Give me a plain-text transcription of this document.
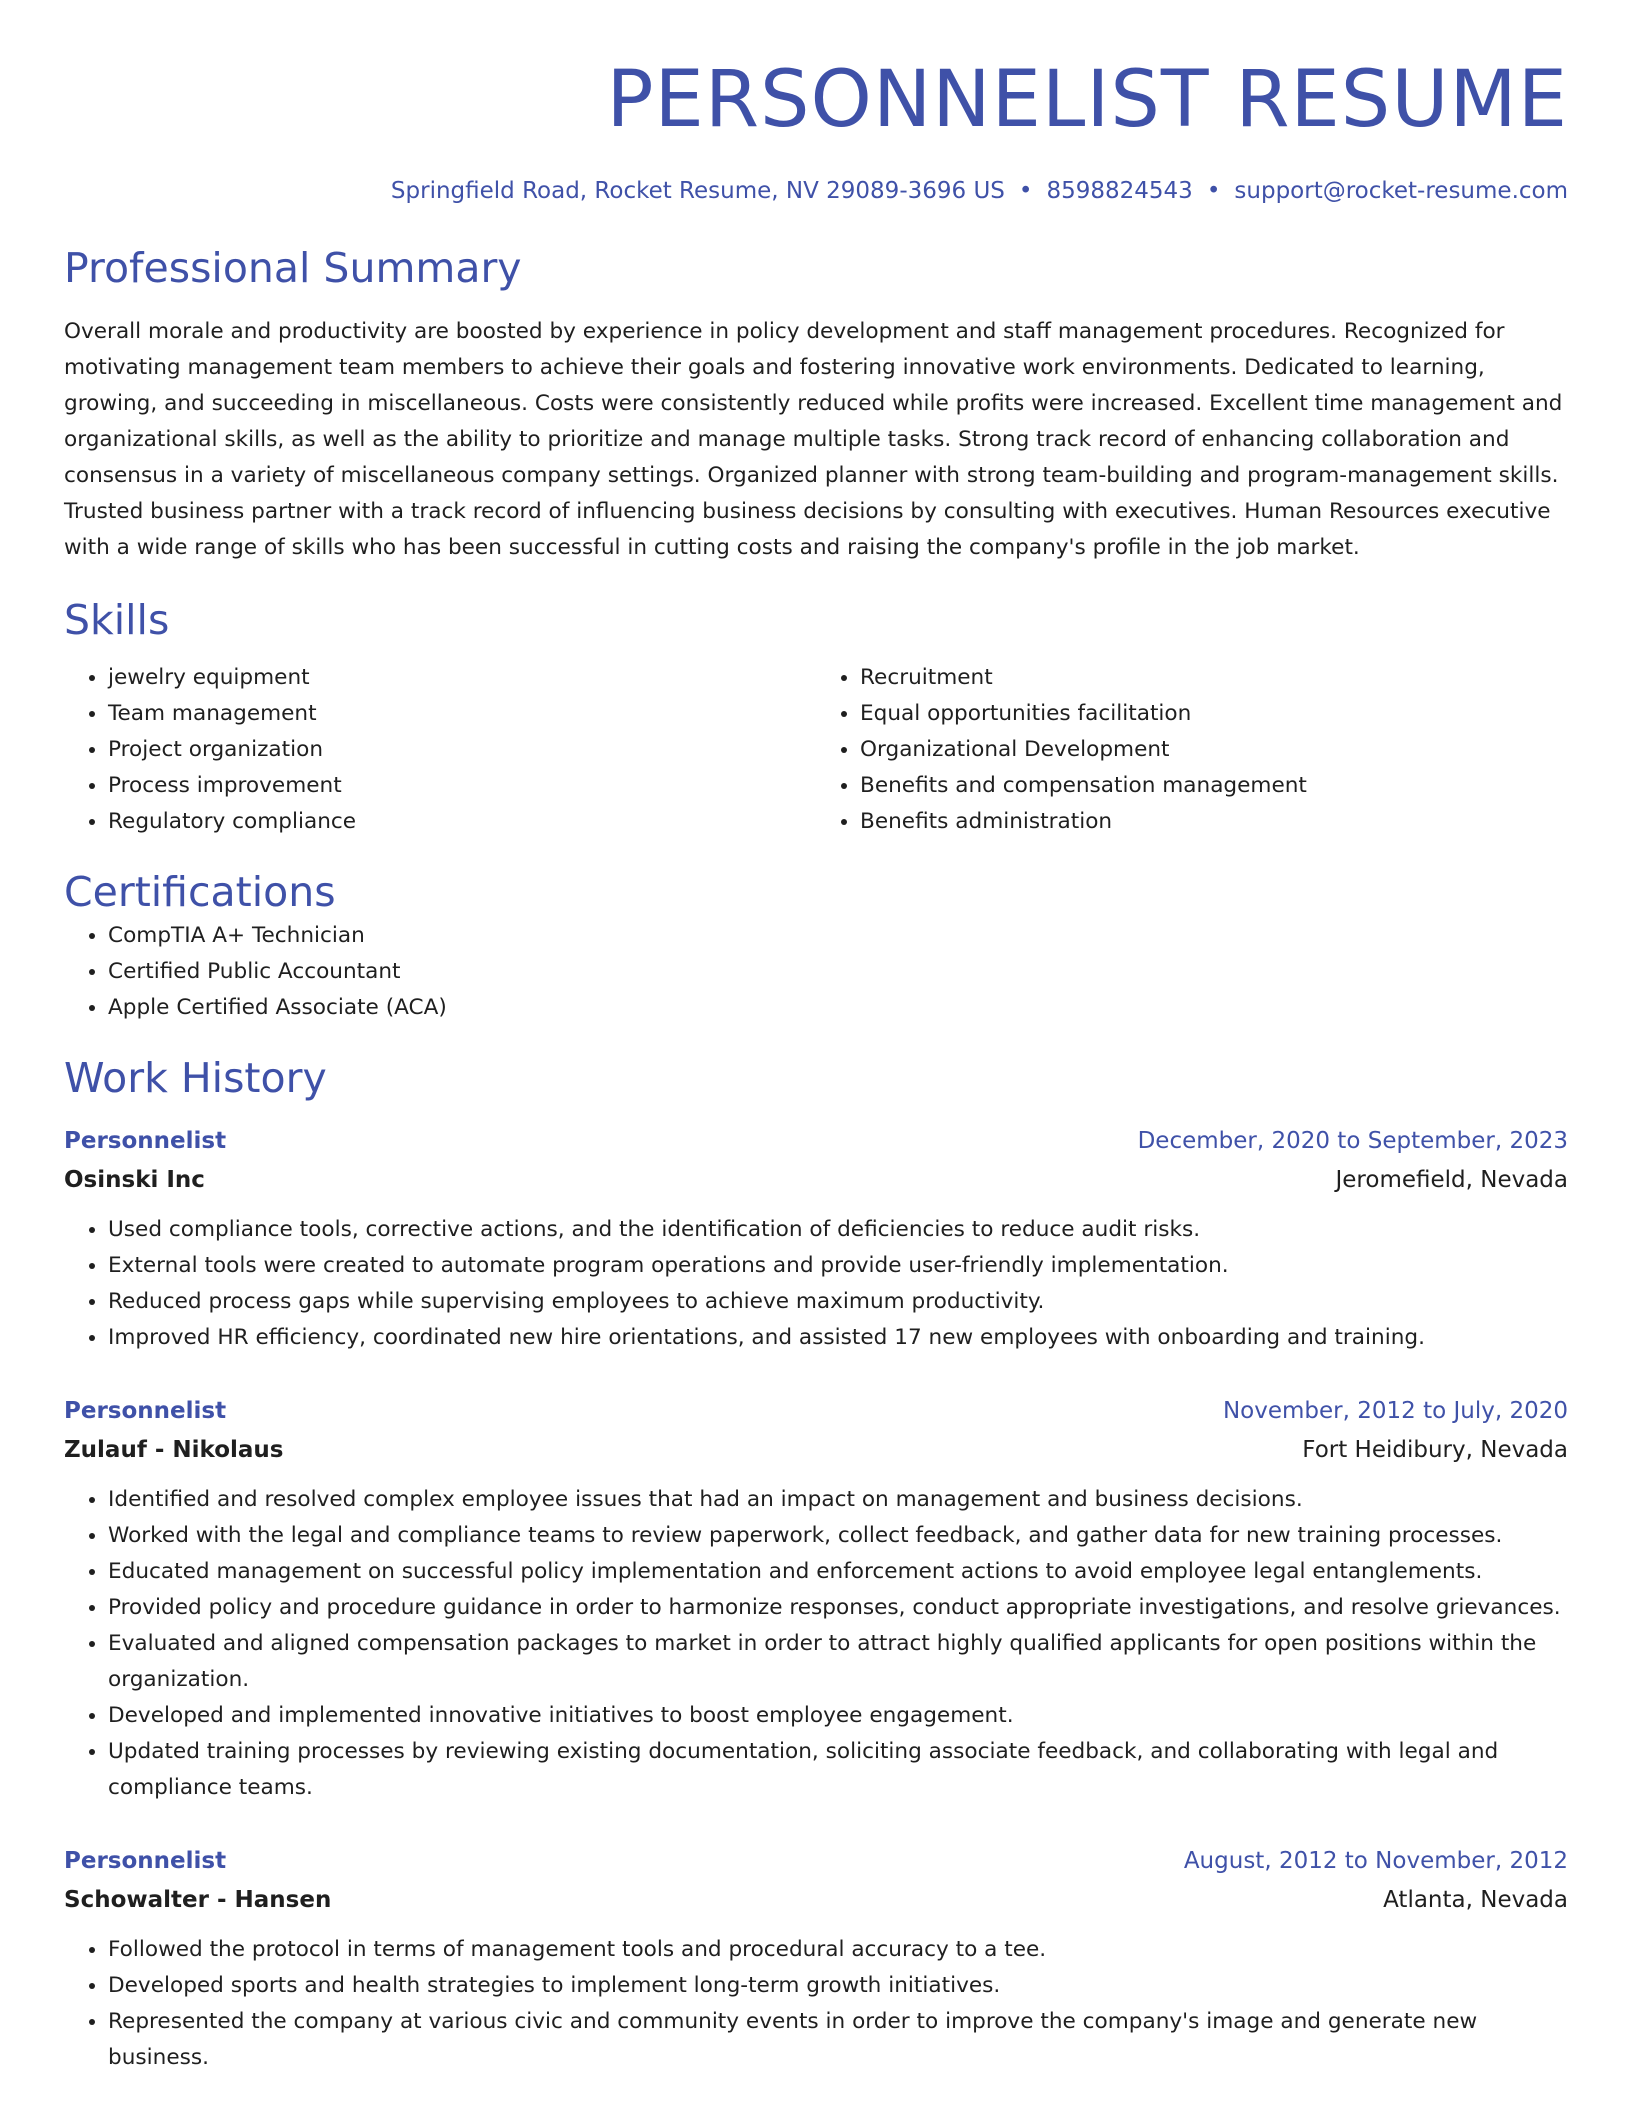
PERSONNELIST RESUME
Springfield Road, Rocket Resume, NV 29089-3696 US • 8598824543 • support@rocket-resume.com
Professional Summary
Overall morale and productivity are boosted by experience in policy development and staff management procedures. Recognized for motivating management team members to achieve their goals and fostering innovative work environments. Dedicated to learning, growing, and succeeding in miscellaneous. Costs were consistently reduced while profits were increased. Excellent time management and organizational skills, as well as the ability to prioritize and manage multiple tasks. Strong track record of enhancing collaboration and consensus in a variety of miscellaneous company settings. Organized planner with strong team-building and program-management skills. Trusted business partner with a track record of influencing business decisions by consulting with executives. Human Resources executive with a wide range of skills who has been successful in cutting costs and raising the company's profile in the job market.
Skills
• jewelry equipment
• Team management
• Project organization
• Process improvement
• Regulatory compliance
• Recruitment
• Equal opportunities facilitation
• Organizational Development
• Benefits and compensation management
• Benefits administration
Certifications
• CompTIA A+ Technician
• Certified Public Accountant
• Apple Certified Associate (ACA)
Work History
Personnelist	December, 2020 to September, 2023
Osinski Inc	Jeromefield, Nevada
• Used compliance tools, corrective actions, and the identification of deficiencies to reduce audit risks.
• External tools were created to automate program operations and provide user-friendly implementation.
• Reduced process gaps while supervising employees to achieve maximum productivity.
• Improved HR efficiency, coordinated new hire orientations, and assisted 17 new employees with onboarding and training.
Personnelist	November, 2012 to July, 2020
Zulauf - Nikolaus	Fort Heidibury, Nevada
• Identified and resolved complex employee issues that had an impact on management and business decisions.
• Worked with the legal and compliance teams to review paperwork, collect feedback, and gather data for new training processes.
• Educated management on successful policy implementation and enforcement actions to avoid employee legal entanglements.
• Provided policy and procedure guidance in order to harmonize responses, conduct appropriate investigations, and resolve grievances.
• Evaluated and aligned compensation packages to market in order to attract highly qualified applicants for open positions within the organization.
• Developed and implemented innovative initiatives to boost employee engagement.
• Updated training processes by reviewing existing documentation, soliciting associate feedback, and collaborating with legal and compliance teams.
Personnelist	August, 2012 to November, 2012
Schowalter - Hansen	Atlanta, Nevada
• Followed the protocol in terms of management tools and procedural accuracy to a tee.
• Developed sports and health strategies to implement long-term growth initiatives.
• Represented the company at various civic and community events in order to improve the company's image and generate new business.
